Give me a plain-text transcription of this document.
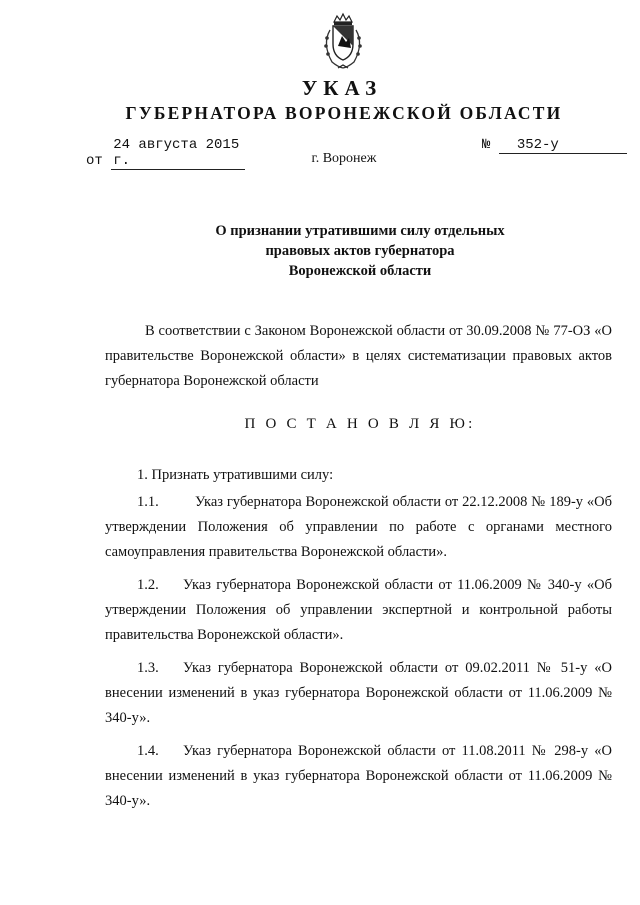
УКАЗ
ГУБЕРНАТОРА ВОРОНЕЖСКОЙ ОБЛАСТИ
от 24 августа 2015 г.
№ 352-у
г. Воронеж
О признании утратившими силу отдельных
правовых актов губернатора
Воронежской области

В соответствии с Законом Воронежской области от 30.09.2008 № 77-ОЗ «О правительстве Воронежской области» в целях систематизации правовых актов губернатора Воронежской области

П О С Т А Н О В Л Я Ю:
1. Признать утратившими силу:

1.1.	Указ губернатора Воронежской области от 22.12.2008 № 189-у «Об утверждении Положения об управлении по работе с органами местного самоуправления правительства Воронежской области».

1.2. Указ губернатора Воронежской области от 11.06.2009 № 340-у «Об утверждении Положения об управлении экспертной и контрольной работы правительства Воронежской области».

1.3. Указ губернатора Воронежской области от 09.02.2011 № 51-у «О внесении изменений в указ губернатора Воронежской области от 11.06.2009 № 340-у».

1.4. Указ губернатора Воронежской области от 11.08.2011 № 298-у «О внесении изменений в указ губернатора Воронежской области от 11.06.2009 № 340-у».
